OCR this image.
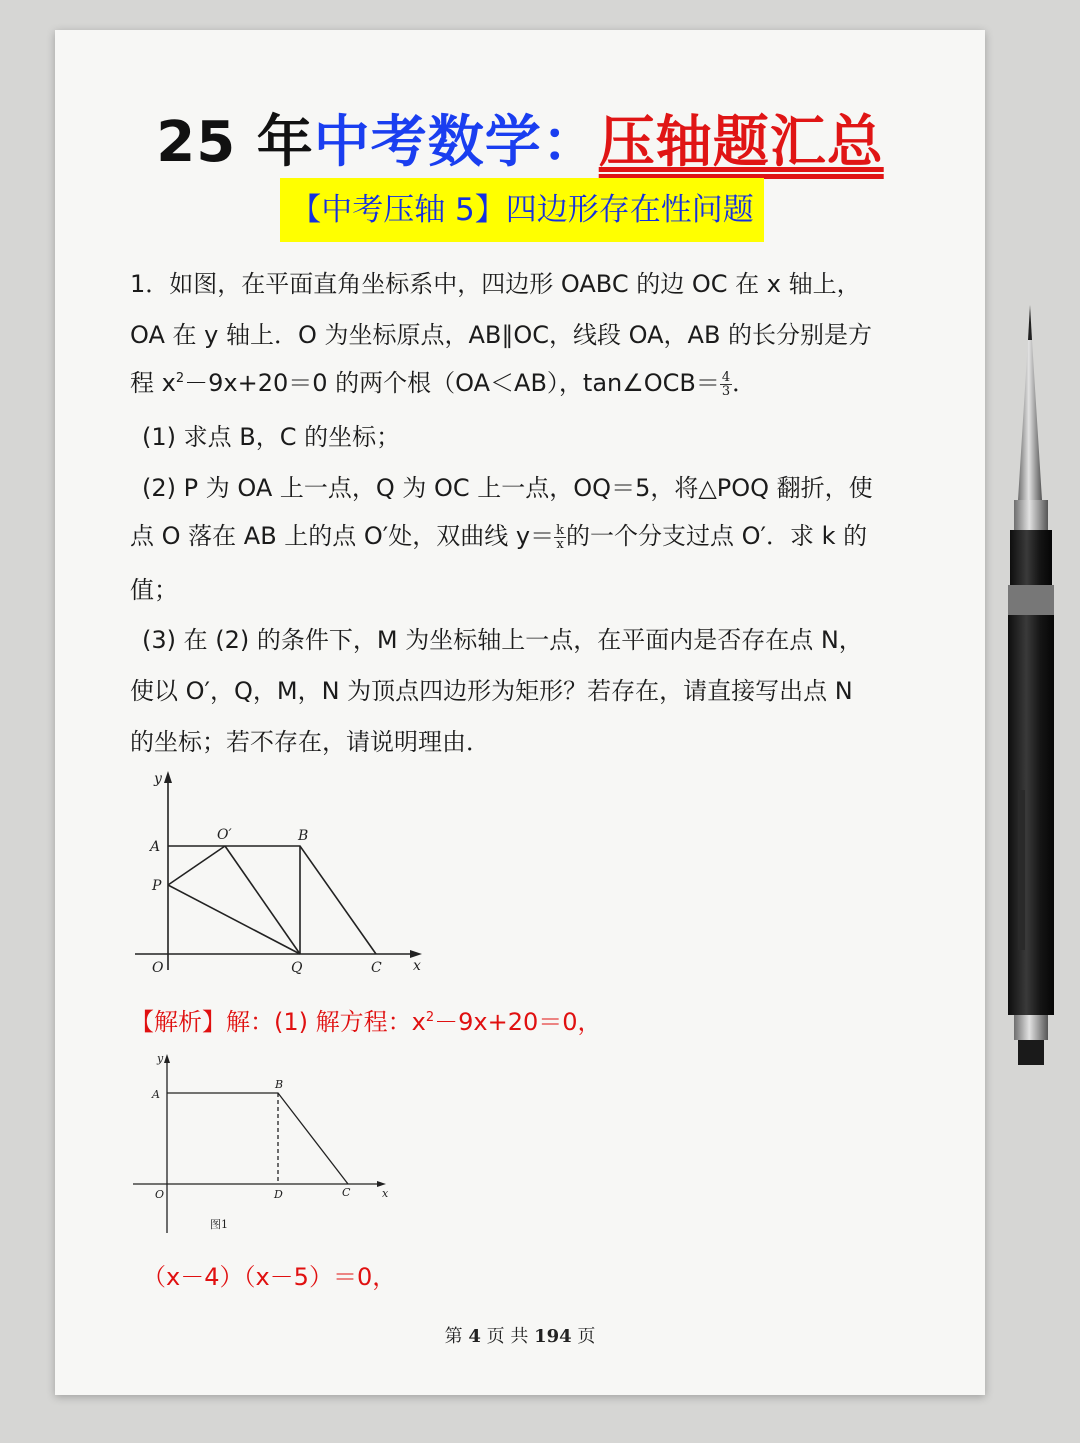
25 年中考数学：压轴题汇总
【中考压轴 5】四边形存在性问题
1．如图，在平面直角坐标系中，四边形 OABC 的边 OC 在 x 轴上，
OA 在 y 轴上．O 为坐标原点，AB∥OC，线段 OA，AB 的长分别是方
程 $x^2-9x+20=0$ 的两个根（OA＜AB），tan∠OCB＝ $\frac{4}{3}$ ．
(1) 求点 B，C 的坐标；
(2) P 为 OA 上一点，Q 为 OC 上一点，OQ＝5，将△POQ 翻折，使
点 O 落在 AB 上的点 O′处，双曲线 $y= \frac{k}{x}$ 的一个分支过点 O′．求 k 的
值；
(3) 在 (2) 的条件下，M 为坐标轴上一点，在平面内是否存在点 N，
使以 O′，Q，M，N 为顶点四边形为矩形？若存在，请直接写出点 N
的坐标；若不存在，请说明理由．
y
A
O′	B
P
O	Q	C x
【解析】解：(1) 解方程：$x^2-9x+20=0$，
y
A
B
O	D	C	x
图1
（x－4）（x－5）＝0，
第 4 页 共 194 页
